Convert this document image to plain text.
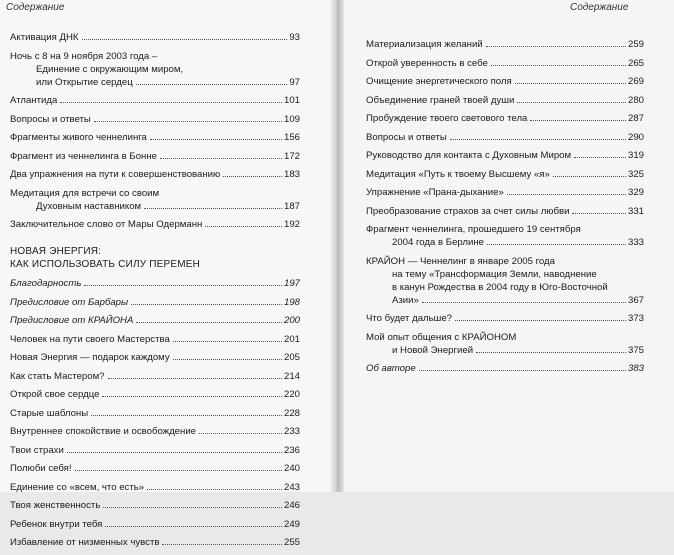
Содержание	Содержание
Активация ДНК	93
Ночь с 8 на 9 ноября 2003 года –
Единение с окружающим миром,
или Открытие сердец	97
Атлантида	101
Вопросы и ответы	109
Фрагменты живого ченнелинга	156
Фрагмент из ченнелинга в Бонне	172
Два упражнения на пути к совершенствованию	183
Медитация для встречи со своим
Духовным наставником	187
Заключительное слово от Мары Одерманн	192
НОВАЯ ЭНЕРГИЯ:
КАК ИСПОЛЬЗОВАТЬ СИЛУ ПЕРЕМЕН
Благодарность	197
Предисловие от Барбары	198
Предисловие от КРАЙОНА	200
Человек на пути своего Мастерства	201
Новая Энергия — подарок каждому	205
Как стать Мастером?	214
Открой свое сердце	220
Старые шаблоны	228
Внутреннее спокойствие и освобождение	233
Твои страхи	236
Полюби себя!	240
Единение со «всем, что есть»	243
Твоя женственность	246
Ребенок внутри тебя	249
Избавление от низменных чувств	255
Материализация желаний	259
Открой уверенность в себе	265
Очищение энергетического поля	269
Объединение граней твоей души	280
Пробуждение твоего светового тела	287
Вопросы и ответы	290
Руководство для контакта с Духовным Миром	319
Медитация «Путь к твоему Высшему «я»	325
Упражнение «Прана-дыхание»	329
Преобразование страхов за счет силы любви	331
Фрагмент ченнелинга, прошедшего 19 сентября
2004 года в Берлине	333
КРАЙОН — Ченнелинг в январе 2005 года
на тему «Трансформация Земли, наводнение
в канун Рождества в 2004 году в Юго-Восточной
Азии»	367
Что будет дальше?	373
Мой опыт общения с КРАЙОНОМ
и Новой Энергией	375
Об авторе	383
